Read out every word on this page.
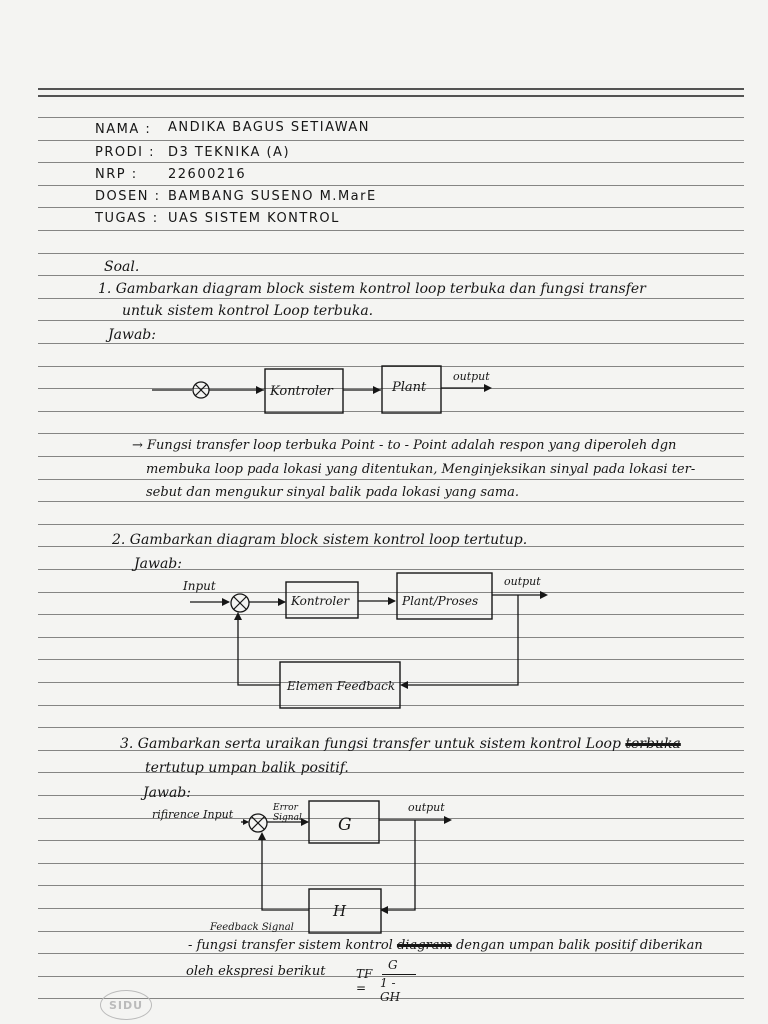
NAMA : ANDIKA BAGUS SETIAWAN
PRODI : D3 TEKNIKA (A)
NRP : 22600216
DOSEN : BAMBANG SUSENO M.MarE
TUGAS : UAS SISTEM KONTROL
Soal.
1. Gambarkan diagram block sistem kontrol loop terbuka dan fungsi transfer
untuk sistem kontrol Loop terbuka.
Jawab:
Kontroler	Plant
output
→ Fungsi transfer loop terbuka Point - to - Point adalah respon yang diperoleh dgn
membuka loop pada lokasi yang ditentukan, Menginjeksikan sinyal pada lokasi ter-
sebut dan mengukur sinyal balik pada lokasi yang sama.
2. Gambarkan diagram block sistem kontrol loop tertutup.
Jawab:
Input
Kontroler	Plant/Proses
output
Elemen Feedback
3. Gambarkan serta uraikan fungsi transfer untuk sistem kontrol Loop terbuka
tertutup umpan balik positif.
Jawab:
rifirence Input	Error
Signal G
H
output
Feedback Signal
- fungsi transfer sistem kontrol diagram dengan umpan balik positif diberikan
oleh ekspresi berikut	TF =
G
1 - GH
SIDU
